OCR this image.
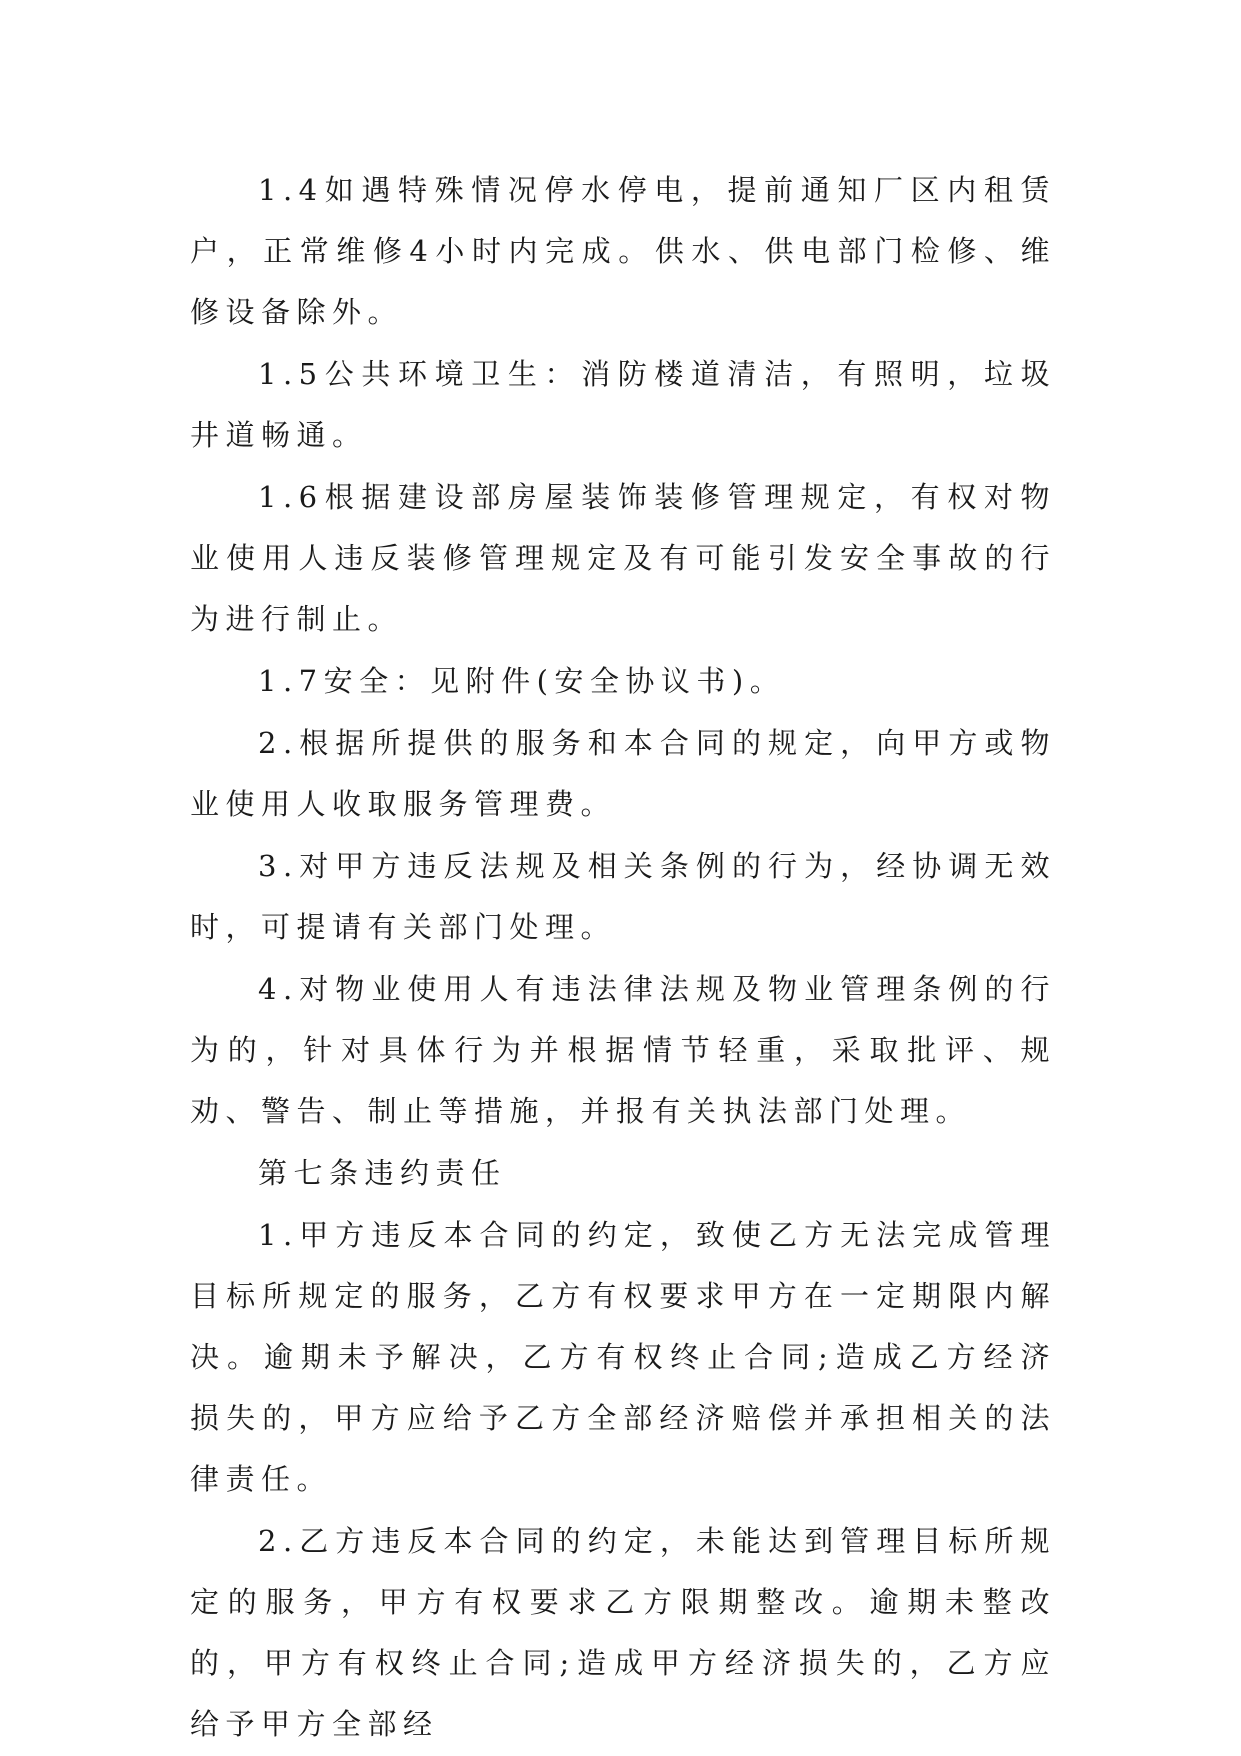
1.4如遇特殊情况停水停电，提前通知厂区内租赁户，正常维修4小时内完成。供水、供电部门检修、维修设备除外。

1.5公共环境卫生：消防楼道清洁，有照明，垃圾井道畅通。

1.6根据建设部房屋装饰装修管理规定，有权对物业使用人违反装修管理规定及有可能引发安全事故的行为进行制止。

1.7安全：见附件(安全协议书)。

2.根据所提供的服务和本合同的规定，向甲方或物业使用人收取服务管理费。

3.对甲方违反法规及相关条例的行为，经协调无效时，可提请有关部门处理。

4.对物业使用人有违法律法规及物业管理条例的行为的，针对具体行为并根据情节轻重，采取批评、规劝、警告、制止等措施，并报有关执法部门处理。

第七条违约责任

1.甲方违反本合同的约定，致使乙方无法完成管理目标所规定的服务，乙方有权要求甲方在一定期限内解决。逾期未予解决，乙方有权终止合同;造成乙方经济损失的，甲方应给予乙方全部经济赔偿并承担相关的法律责任。

2.乙方违反本合同的约定，未能达到管理目标所规定的服务，甲方有权要求乙方限期整改。逾期未整改的，甲方有权终止合同;造成甲方经济损失的，乙方应给予甲方全部经
